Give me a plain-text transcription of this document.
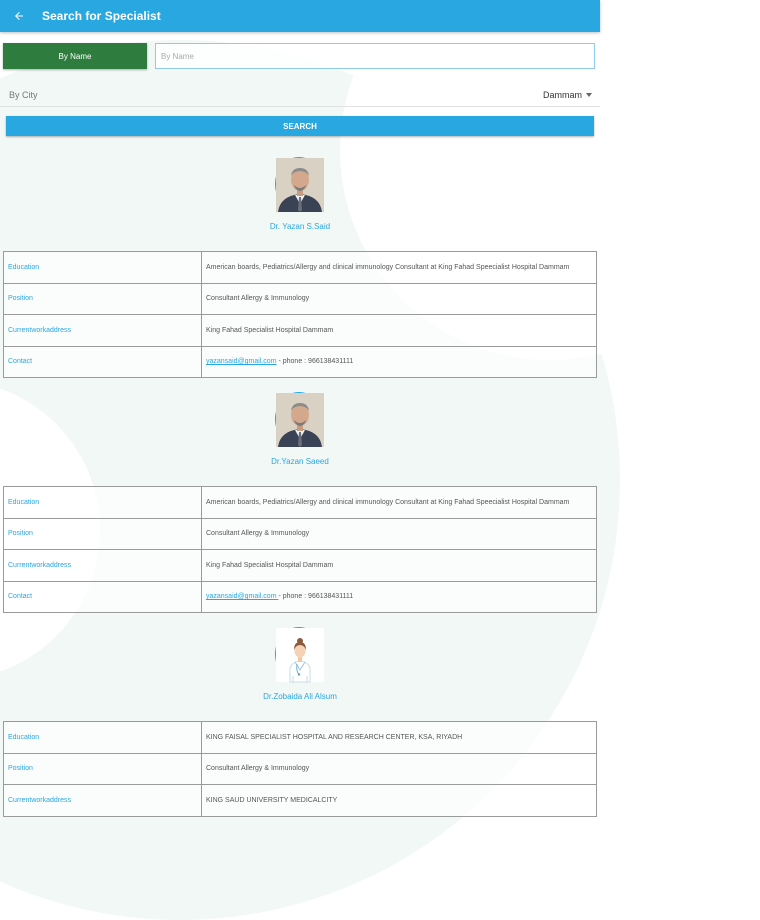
Search for Specialist
By Name
By Name
By City	Dammam
SEARCH
Dr. Yazan S.Said
Education	American boards, Pediatrics/Allergy and clinical immunology Consultant at King Fahad Speecialist Hospital Dammam
Position	Consultant Allergy & Immunology
Currentworkaddress	King Fahad Specialist Hospital Dammam
Contact	yazansaid@gmail.com - phone : 966138431111
Dr.Yazan Saeed
Education	American boards, Pediatrics/Allergy and clinical immunology Consultant at King Fahad Speecialist Hospital Dammam
Position	Consultant Allergy & Immunology
Currentworkaddress	King Fahad Specialist Hospital Dammam
Contact	yazansaid@gmail.com - phone : 966138431111
Dr.Zobaida Ali Alsum
Education	KING FAISAL SPECIALIST HOSPITAL AND RESEARCH CENTER, KSA, RIYADH
Position	Consultant Allergy & Immunology
Currentworkaddress	KING SAUD UNIVERSITY MEDICALCITY
